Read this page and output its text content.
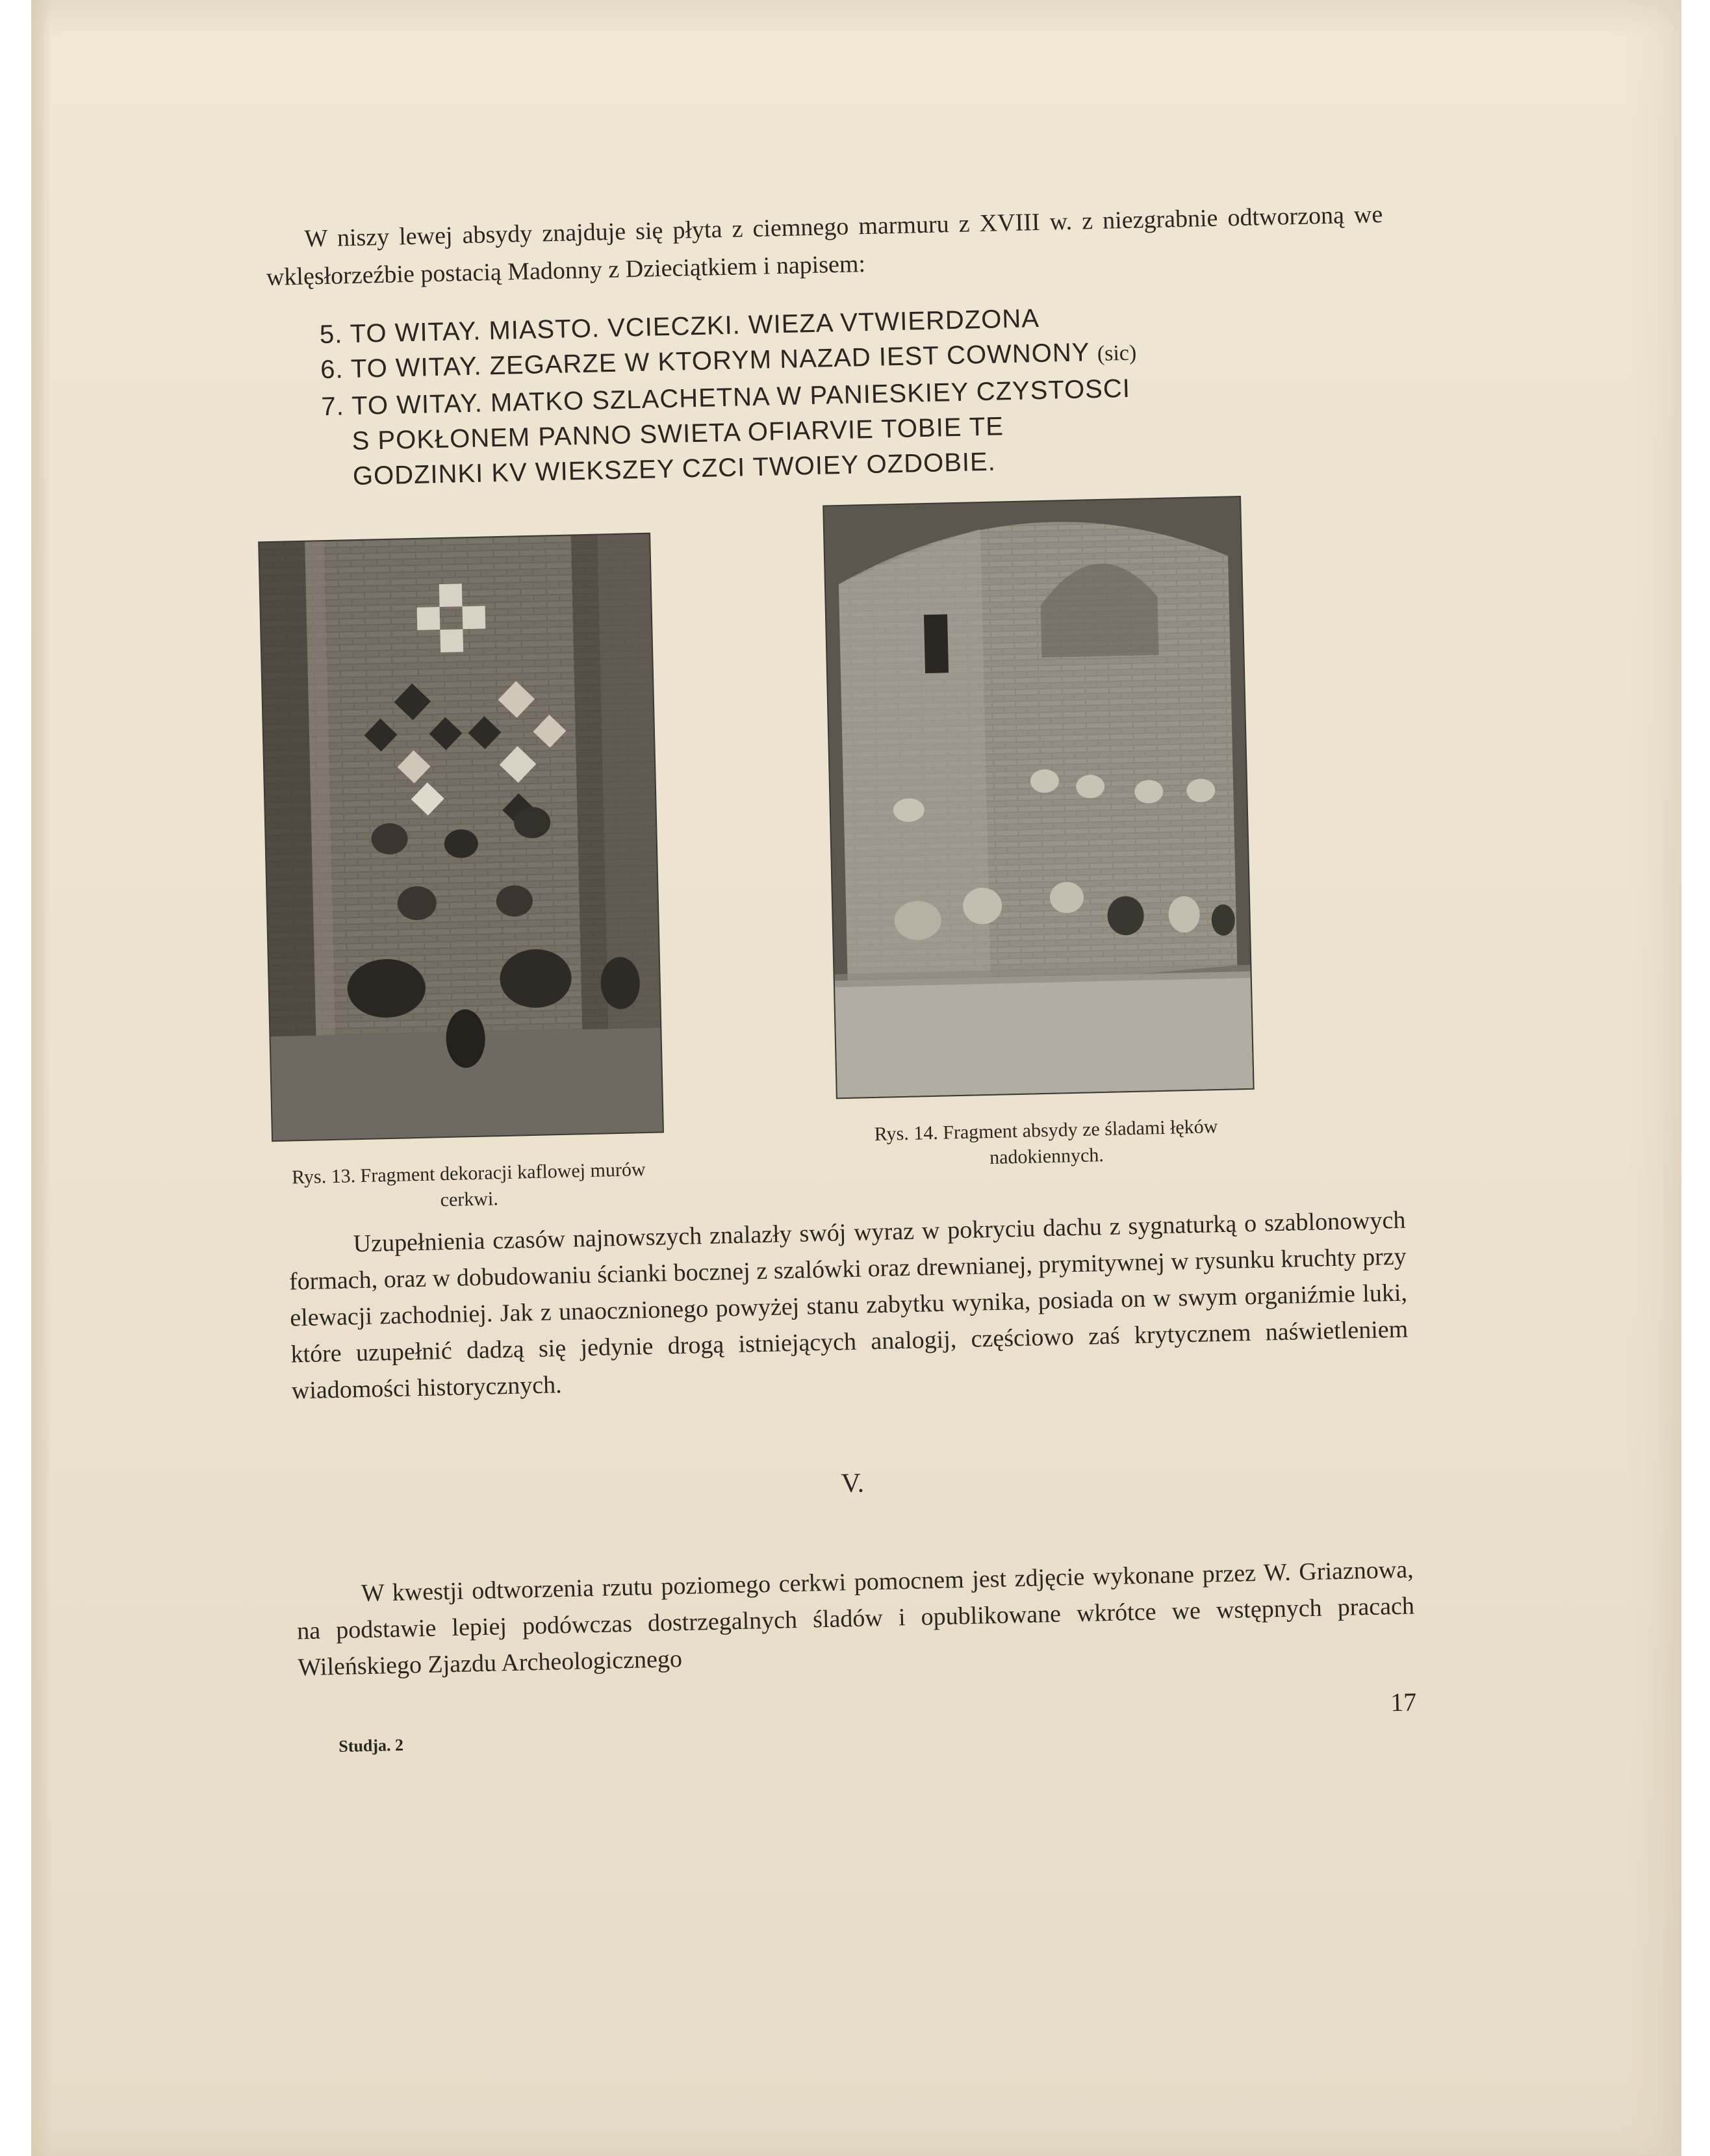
W niszy lewej absydy znajduje się płyta z ciemnego marmuru z XVIII w. z niezgrabnie odtworzoną we wklęsłorzeźbie postacią Madonny z Dzieciątkiem i napisem:

5. TO WITAY. MIASTO. VCIECZKI. WIEZA VTWIERDZONA
6. TO WITAY. ZEGARZE W KTORYM NAZAD IEST COWNONY (sic)
7. TO WITAY. MATKO SZLACHETNA W PANIESKIEY CZYSTOSCI
S POKŁONEM PANNO SWIETA OFIARVIE TOBIE TE
GODZINKI KV WIEKSZEY CZCI TWOIEY OZDOBIE.
Rys. 13. Fragment dekoracji kaflowej murów cerkwi.
Rys. 14. Fragment absydy ze śladami łęków nadokiennych.

Uzupełnienia czasów najnowszych znalazły swój wyraz w pokryciu dachu z sygnaturką o szablonowych formach, oraz w dobudowaniu ścianki bocznej z szalówki oraz drewnianej, prymitywnej w rysunku kruchty przy elewacji zachodniej. Jak z unaocznionego powyżej stanu zabytku wynika, posiada on w swym organiźmie luki, które uzupełnić dadzą się jedynie drogą istniejących analogij, częściowo zaś krytycznem naświetleniem wiadomości historycznych.

V.

W kwestji odtworzenia rzutu poziomego cerkwi pomocnem jest zdjęcie wykonane przez W. Griaznowa, na podstawie lepiej podówczas dostrzegalnych śladów i opublikowane wkrótce we wstępnych pracach Wileńskiego Zjazdu Archeologicznego

Studja. 2
17
